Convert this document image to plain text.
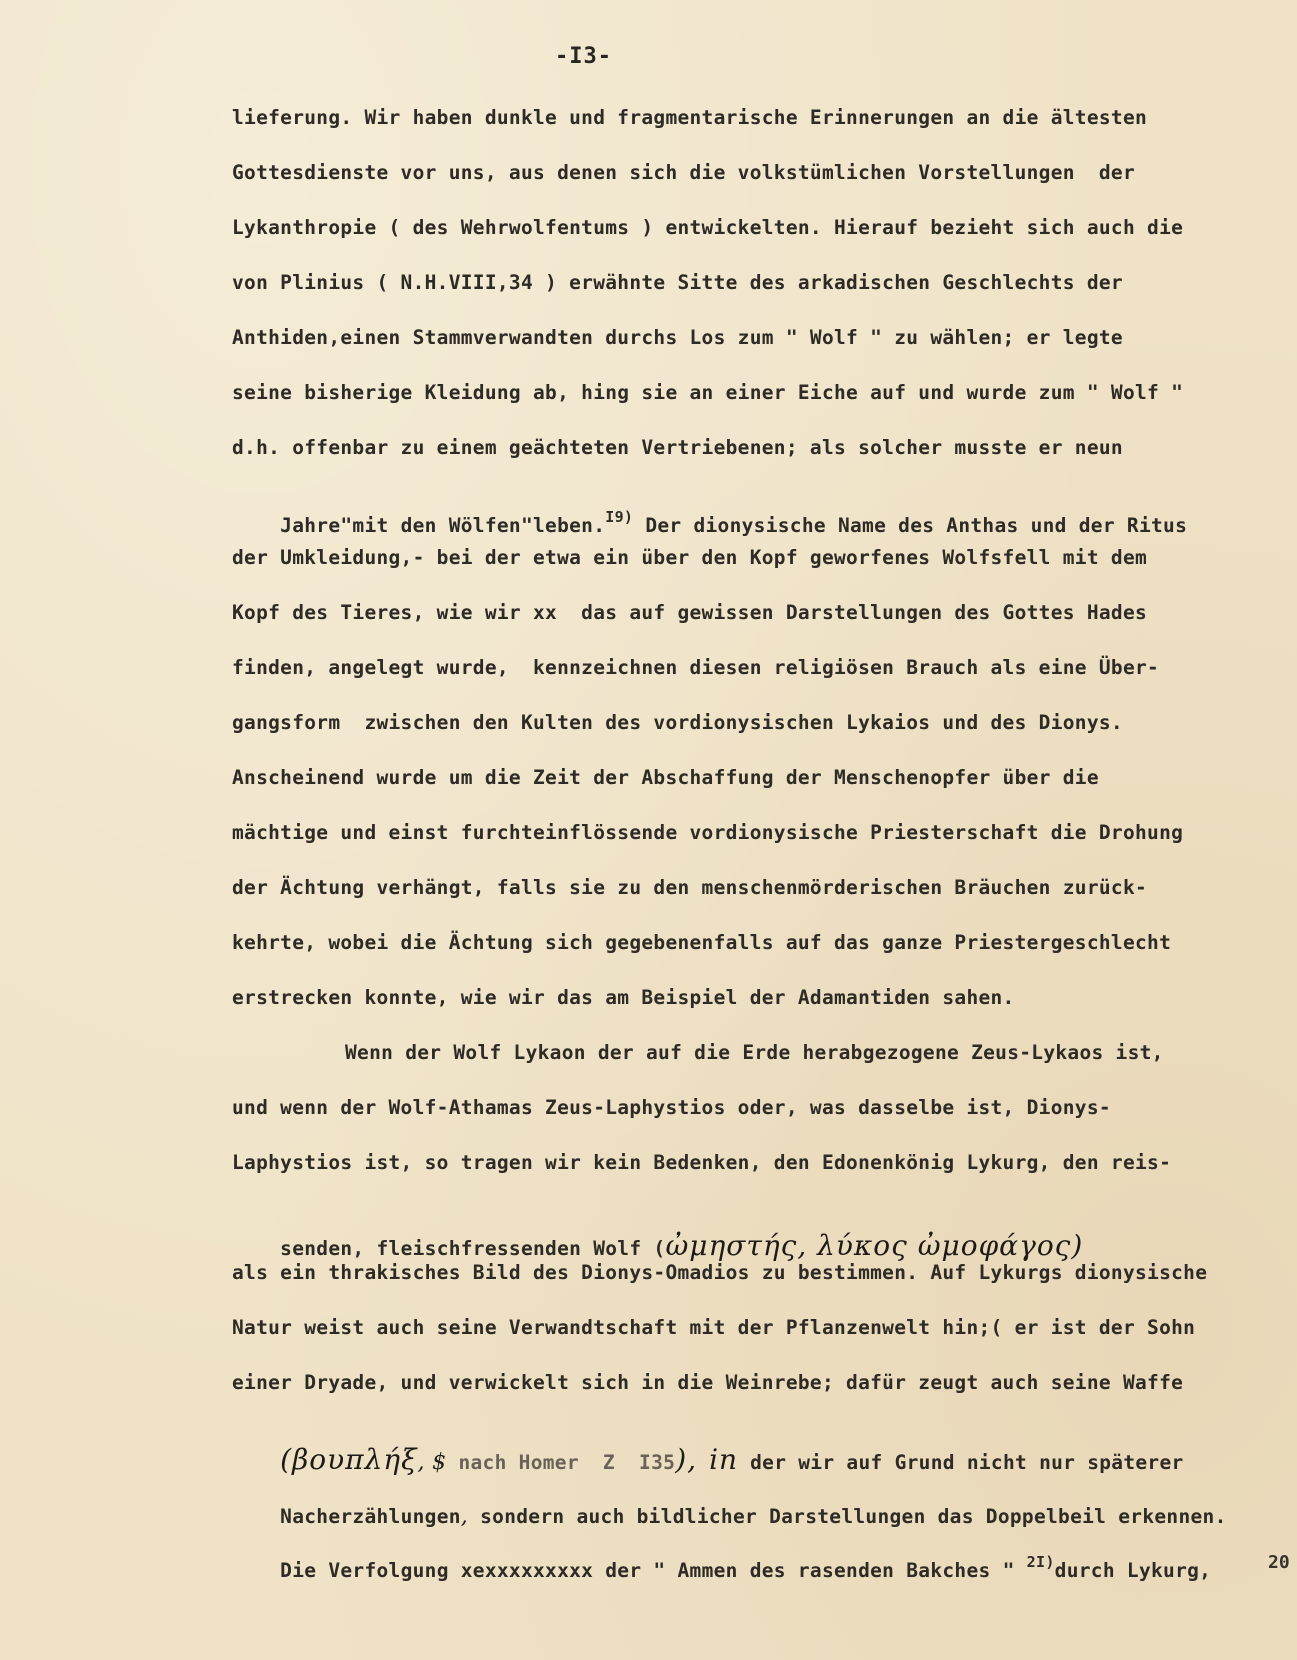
-I3-
lieferung. Wir haben dunkle und fragmentarische Erinnerungen an die ältesten
Gottesdienste vor uns, aus denen sich die volkstümlichen Vorstellungen  der
Lykanthropie ( des Wehrwolfentums ) entwickelten. Hierauf bezieht sich auch die
von Plinius ( N.H.VIII,34 ) erwähnte Sitte des arkadischen Geschlechts der
Anthiden,einen Stammverwandten durchs Los zum " Wolf " zu wählen; er legte
seine bisherige Kleidung ab, hing sie an einer Eiche auf und wurde zum " Wolf "
d.h. offenbar zu einem geächteten Vertriebenen; als solcher musste er neun

Jahre"mit den Wölfen"leben.$^{I9)}$ Der dionysische Name des Anthas und der Ritus

der Umkleidung,- bei der etwa ein über den Kopf geworfenes Wolfsfell mit dem
Kopf des Tieres, wie wir xx  das auf gewissen Darstellungen des Gottes Hades
finden, angelegt wurde,  kennzeichnen diesen religiösen Brauch als eine Über-
gangsform  zwischen den Kulten des vordionysischen Lykaios und des Dionys.
Anscheinend wurde um die Zeit der Abschaffung der Menschenopfer über die
mächtige und einst furchteinflössende vordionysische Priesterschaft die Drohung
der Ächtung verhängt, falls sie zu den menschenmörderischen Bräuchen zurück-
kehrte, wobei die Ächtung sich gegebenenfalls auf das ganze Priestergeschlecht
erstrecken konnte, wie wir das am Beispiel der Adamantiden sahen.
Wenn der Wolf Lykaon der auf die Erde herabgezogene Zeus-Lykaos ist,
und wenn der Wolf-Athamas Zeus-Laphystios oder, was dasselbe ist, Dionys-
Laphystios ist, so tragen wir kein Bedenken, den Edonenkönig Lykurg, den reis-

senden, fleischfressenden Wolf (ὠμηστής, λύκος ὠμοφάγος)

als ein thrakisches Bild des Dionys-Omadios zu bestimmen. Auf Lykurgs dionysische
Natur weist auch seine Verwandtschaft mit der Pflanzenwelt hin;( er ist der Sohn
einer Dryade, und verwickelt sich in die Weinrebe; dafür zeugt auch seine Waffe

(βουπλήξ, $ nach Homer  Z  I35), in der wir auf Grund nicht nur späterer

Nacherzählungen, sondern auch bildlicher Darstellungen das Doppelbeil erkennen.

Die Verfolgung xexxxxxxxxx der " Ammen des rasenden Bakches " $^{2I)}$durch Lykurg,
	20
